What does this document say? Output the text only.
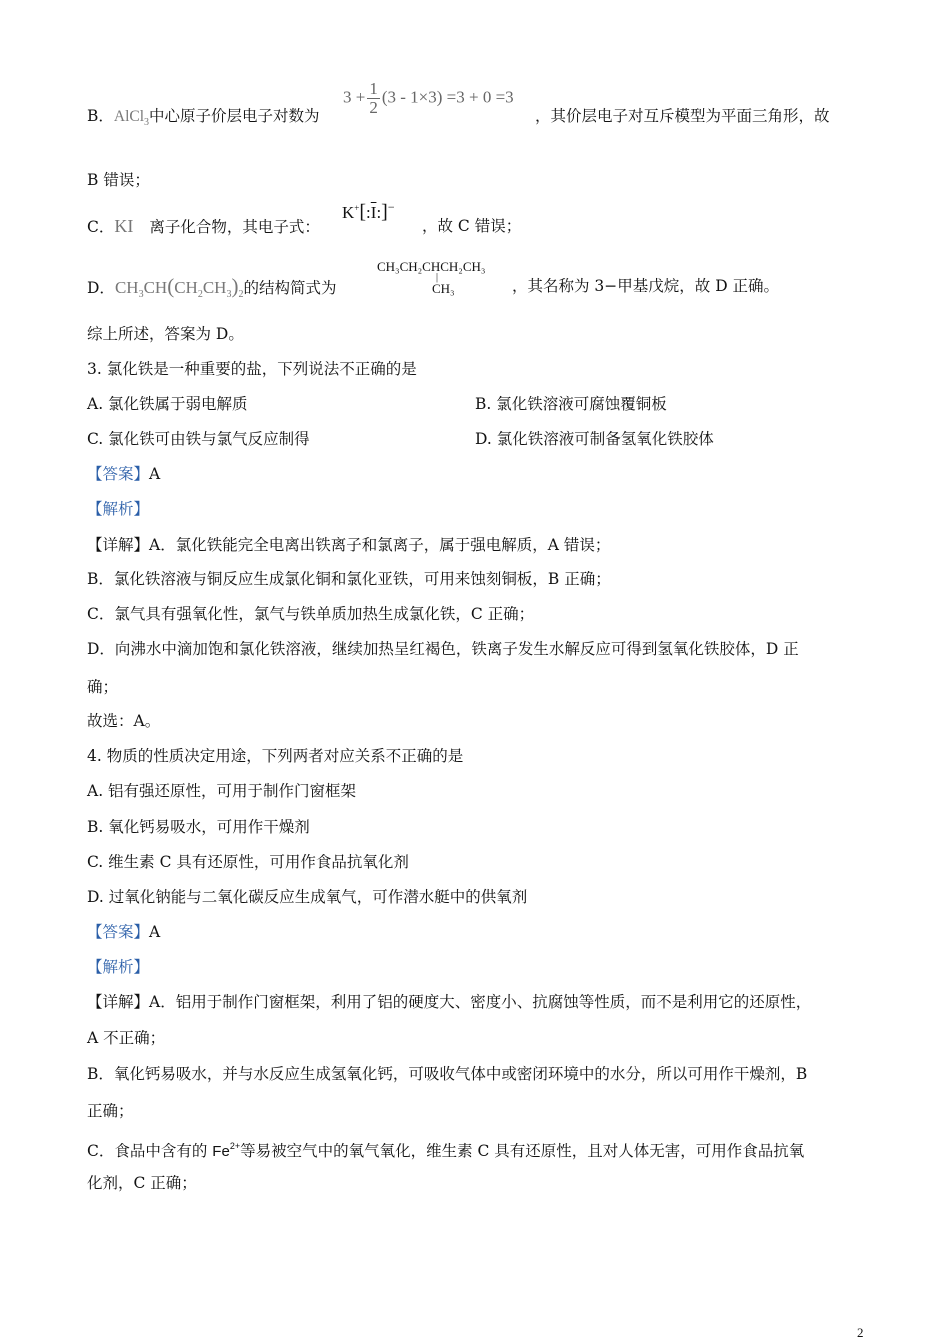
B．AlCl$_3$中心原子价层电子对数为
$3 + \frac{1}{2} (3 - 1\times 3) =3 + 0 =3$
，其价层电子对互斥模型为平面三角形，故
B 错误；
C．KI 离子化合物，其电子式：
$K^+[:\overline{I}:]^-$
，故 C 错误；
D．$CH_3CH(CH_2CH_3)_2$的结构简式为
CH₃CH₂CHCH₂CH₃
|
CH₃	，其名称为 3−甲基戊烷，故 D 正确。
综上所述，答案为 D。
3. 氯化铁是一种重要的盐，下列说法不正确的是
A. 氯化铁属于弱电解质	B. 氯化铁溶液可腐蚀覆铜板
C. 氯化铁可由铁与氯气反应制得	D. 氯化铁溶液可制备氢氧化铁胶体
【答案】A
【解析】
【详解】A．氯化铁能完全电离出铁离子和氯离子，属于强电解质，A 错误；
B．氯化铁溶液与铜反应生成氯化铜和氯化亚铁，可用来蚀刻铜板，B 正确；
C．氯气具有强氧化性，氯气与铁单质加热生成氯化铁，C 正确；
D．向沸水中滴加饱和氯化铁溶液，继续加热呈红褐色，铁离子发生水解反应可得到氢氧化铁胶体，D 正
确；
故选：A。
4. 物质的性质决定用途，下列两者对应关系不正确的是
A. 铝有强还原性，可用于制作门窗框架
B. 氧化钙易吸水，可用作干燥剂
C. 维生素 C 具有还原性，可用作食品抗氧化剂
D. 过氧化钠能与二氧化碳反应生成氧气，可作潜水艇中的供氧剂
【答案】A
【解析】
【详解】A．铝用于制作门窗框架，利用了铝的硬度大、密度小、抗腐蚀等性质，而不是利用它的还原性，
A 不正确；
B．氧化钙易吸水，并与水反应生成氢氧化钙，可吸收气体中或密闭环境中的水分，所以可用作干燥剂，B
正确；
C．食品中含有的 $Fe^{2+}$等易被空气中的氧气氧化，维生素 C 具有还原性，且对人体无害，可用作食品抗氧
化剂，C 正确；
2
